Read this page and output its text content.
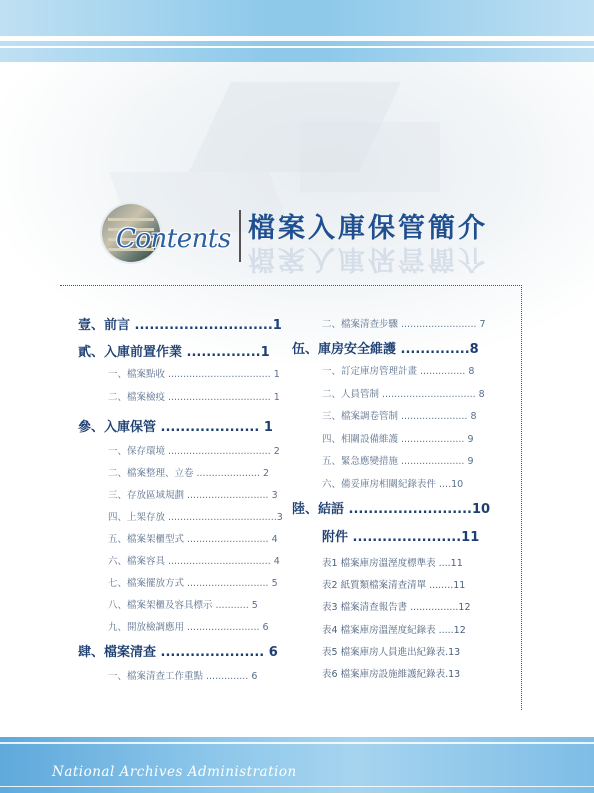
Contents 檔案入庫保管簡介
檔案入庫保管簡介
壹、前言 ............................1
貳、入庫前置作業 ...............1
一、檔案點收 .................................. 1
二、檔案檢疫 .................................. 1
參、入庫保管 .................... 1
一、保存環境 .................................. 2
二、檔案整理、立卷 ..................... 2
三、存放區域規劃 ........................... 3
四、上架存放 ....................................3
五、檔案架櫃型式 ........................... 4
六、檔案容具 .................................. 4
七、檔案擺放方式 ........................... 5
八、檔案架櫃及容具標示 ........... 5
九、開放檢調應用 ........................ 6
肆、檔案清查 ..................... 6
一、檔案清查工作重點 .............. 6
二、檔案清查步驟 ......................... 7
伍、庫房安全維護 ..............8
一、訂定庫房管理計畫 ............... 8
二、人員管制 ............................... 8
三、檔案調卷管制 ...................... 8
四、相關設備維護 ..................... 9
五、緊急應變措施 ..................... 9
六、備妥庫房相關紀錄表件 ....10
陸、結語 .........................10
附件 ......................11
表1 檔案庫房溫溼度標準表 ....11
表2 紙質類檔案清查清單 ........11
表3 檔案清查報告書 ................12
表4 檔案庫房溫溼度紀錄表 .....12
表5 檔案庫房人員進出紀錄表.13
表6 檔案庫房設施維護紀錄表.13
National Archives Administration
